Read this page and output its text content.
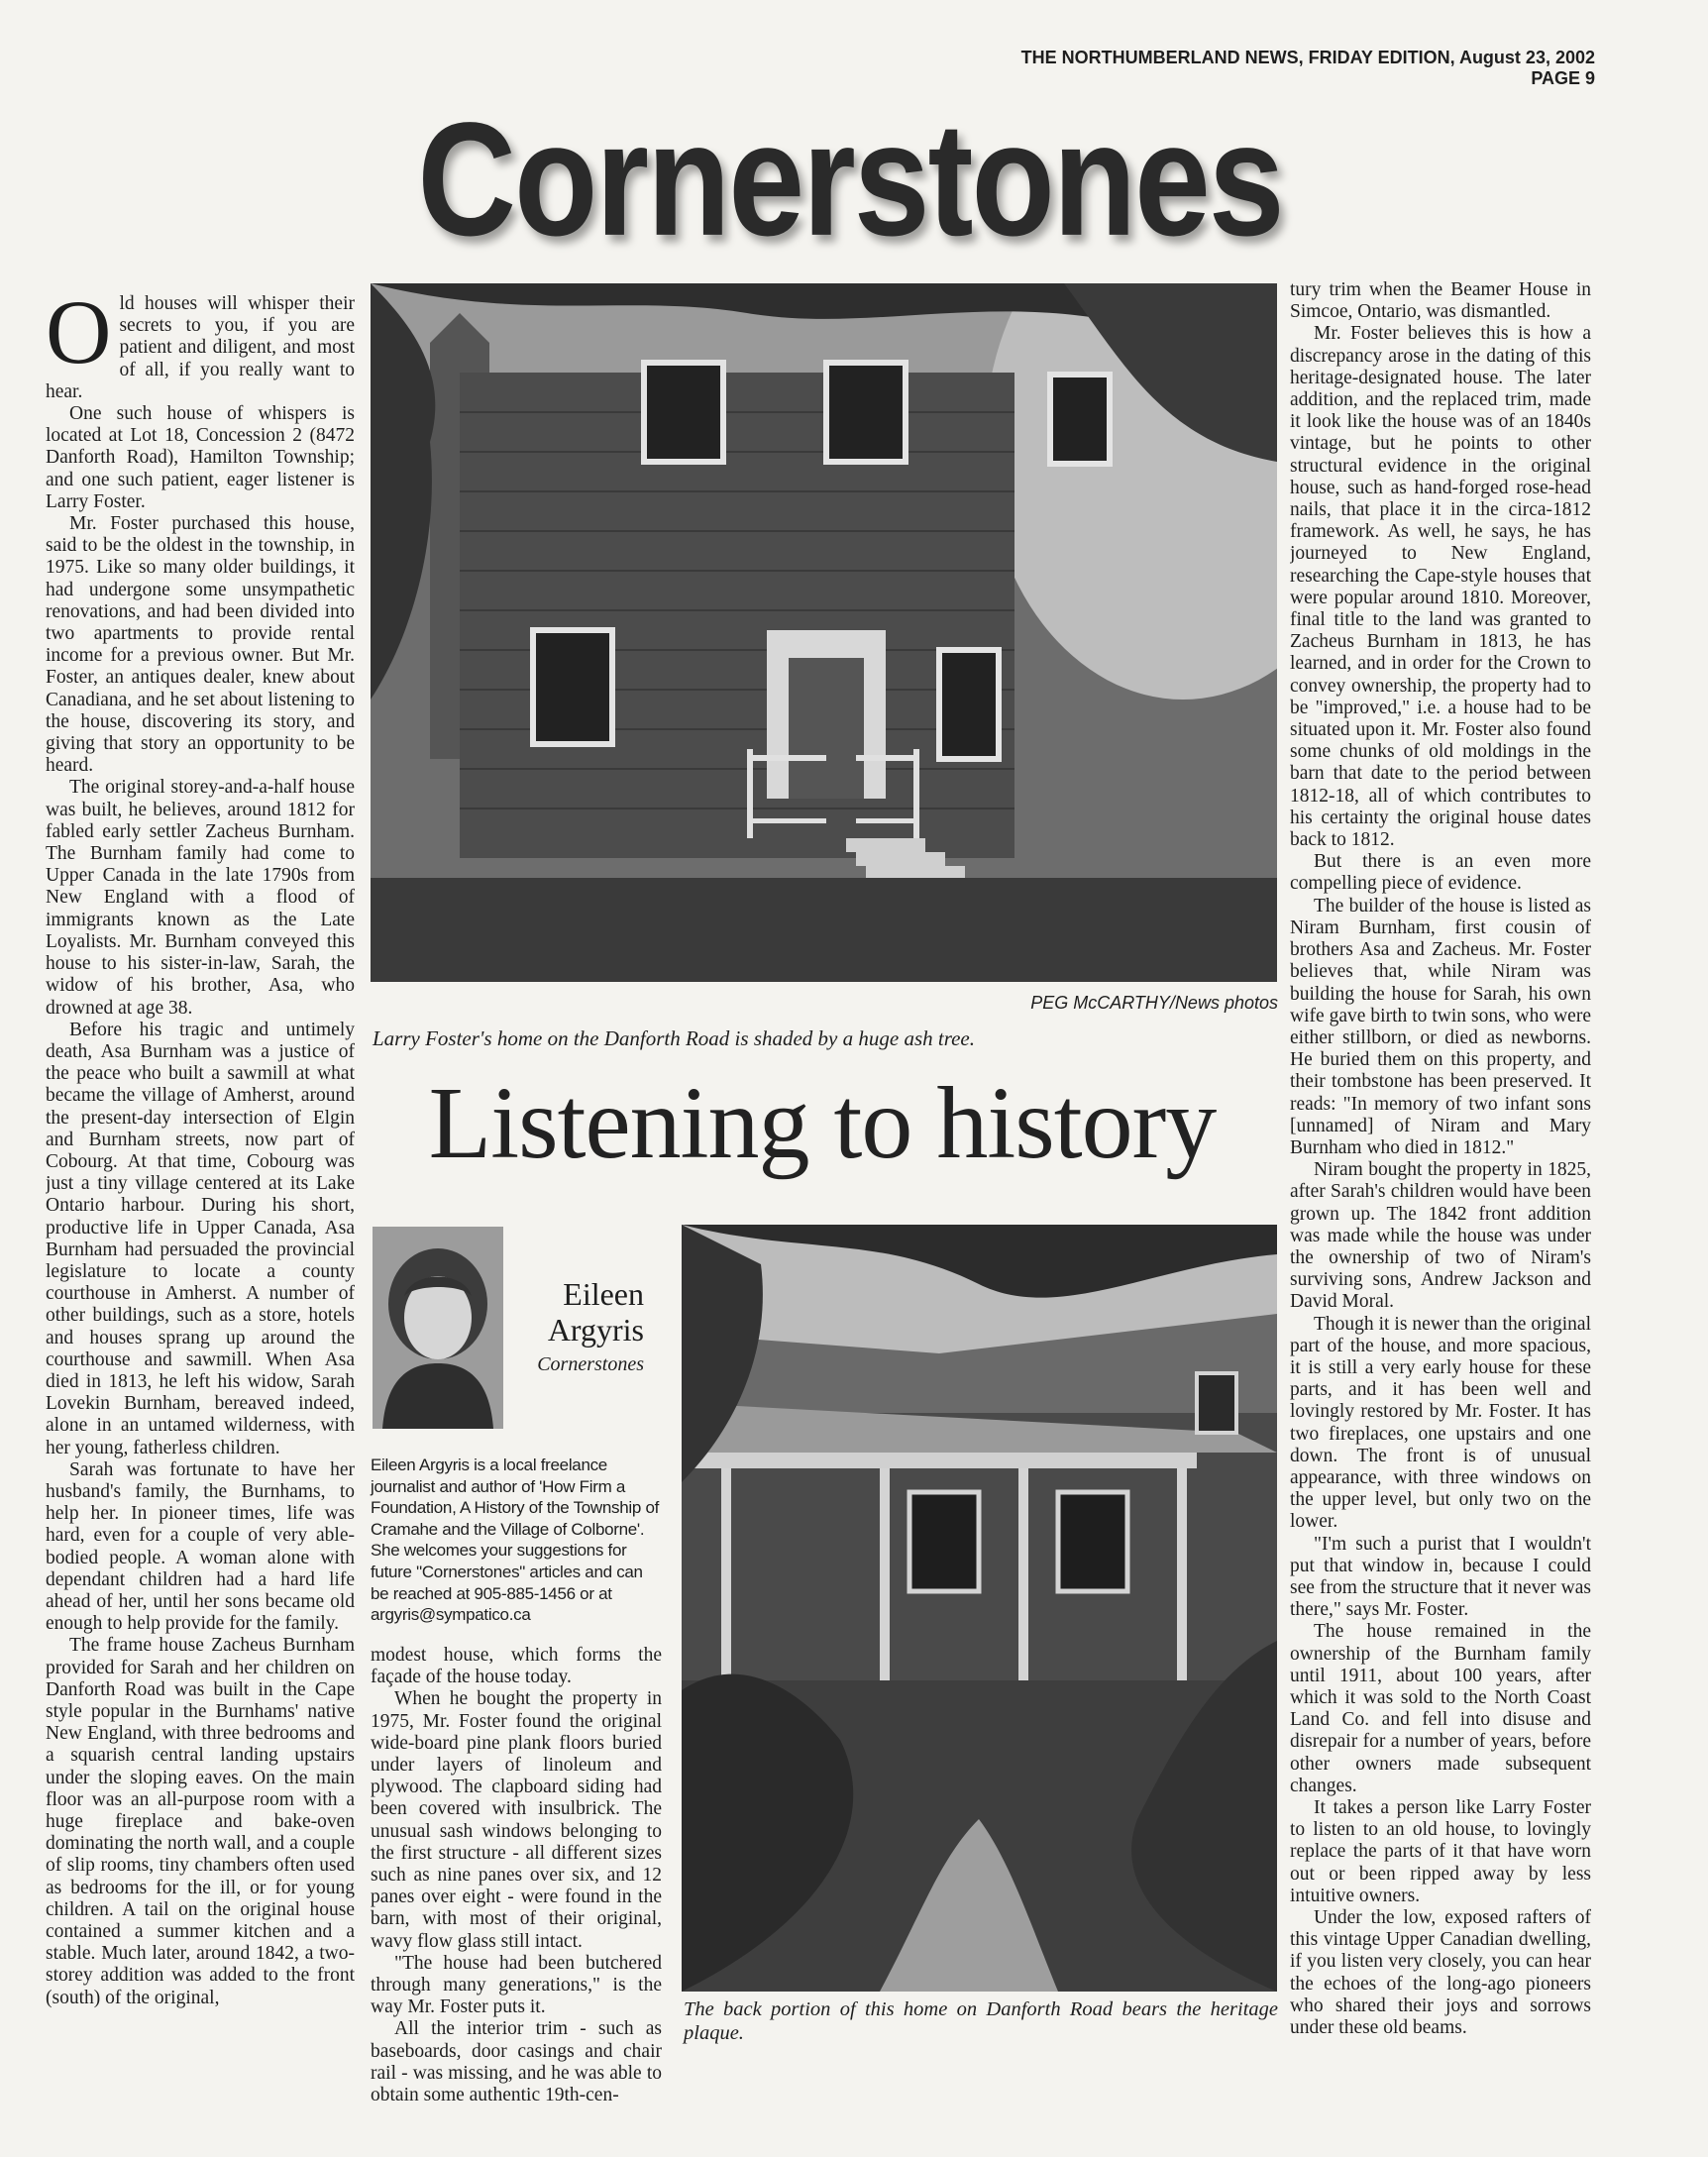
THE NORTHUMBERLAND NEWS, FRIDAY EDITION, August 23, 2002 PAGE 9
Cornerstones

Old houses will whisper their secrets to you, if you are patient and diligent, and most of all, if you really want to hear.

One such house of whispers is located at Lot 18, Concession 2 (8472 Danforth Road), Hamilton Township; and one such patient, eager listener is Larry Foster.

Mr. Foster purchased this house, said to be the oldest in the township, in 1975. Like so many older buildings, it had undergone some unsympathetic renovations, and had been divided into two apartments to provide rental income for a previous owner. But Mr. Foster, an antiques dealer, knew about Canadiana, and he set about listening to the house, discovering its story, and giving that story an opportunity to be heard.

The original storey-and-a-half house was built, he believes, around 1812 for fabled early settler Zacheus Burnham. The Burnham family had come to Upper Canada in the late 1790s from New England with a flood of immigrants known as the Late Loyalists. Mr. Burnham conveyed this house to his sister-in-law, Sarah, the widow of his brother, Asa, who drowned at age 38.

Before his tragic and untimely death, Asa Burnham was a justice of the peace who built a sawmill at what became the village of Amherst, around the present-day intersection of Elgin and Burnham streets, now part of Cobourg. At that time, Cobourg was just a tiny village centered at its Lake Ontario harbour. During his short, productive life in Upper Canada, Asa Burnham had persuaded the provincial legislature to locate a county courthouse in Amherst. A number of other buildings, such as a store, hotels and houses sprang up around the courthouse and sawmill. When Asa died in 1813, he left his widow, Sarah Lovekin Burnham, bereaved indeed, alone in an untamed wilderness, with her young, fatherless children.

Sarah was fortunate to have her husband's family, the Burnhams, to help her. In pioneer times, life was hard, even for a couple of very able-bodied people. A woman alone with dependant children had a hard life ahead of her, until her sons became old enough to help provide for the family.

The frame house Zacheus Burnham provided for Sarah and her children on Danforth Road was built in the Cape style popular in the Burnhams' native New England, with three bedrooms and a squarish central landing upstairs under the sloping eaves. On the main floor was an all-purpose room with a huge fireplace and bake-oven dominating the north wall, and a couple of slip rooms, tiny chambers often used as bedrooms for the ill, or for young children. A tail on the original house contained a summer kitchen and a stable. Much later, around 1842, a two-storey addition was added to the front (south) of the original,

PEG McCARTHY/News photos
Larry Foster's home on the Danforth Road is shaded by a huge ash tree.
Listening to history
Eileen
Argyris
Cornerstones
Eileen Argyris is a local freelance journalist and author of 'How Firm a Foundation, A History of the Township of Cramahe and the Village of Colborne'. She welcomes your suggestions for future "Cornerstones" articles and can be reached at 905-885-1456 or at argyris@sympatico.ca

modest house, which forms the façade of the house today.

When he bought the property in 1975, Mr. Foster found the original wide-board pine plank floors buried under layers of linoleum and plywood. The clapboard siding had been covered with insulbrick. The unusual sash windows belonging to the first structure - all different sizes such as nine panes over six, and 12 panes over eight - were found in the barn, with most of their original, wavy flow glass still intact.

"The house had been butchered through many generations," is the way Mr. Foster puts it.

All the interior trim - such as baseboards, door casings and chair rail - was missing, and he was able to obtain some authentic 19th-cen-

The back portion of this home on Danforth Road bears the heritage plaque.

tury trim when the Beamer House in Simcoe, Ontario, was dismantled.

Mr. Foster believes this is how a discrepancy arose in the dating of this heritage-designated house. The later addition, and the replaced trim, made it look like the house was of an 1840s vintage, but he points to other structural evidence in the original house, such as hand-forged rose-head nails, that place it in the circa-1812 framework. As well, he says, he has journeyed to New England, researching the Cape-style houses that were popular around 1810. Moreover, final title to the land was granted to Zacheus Burnham in 1813, he has learned, and in order for the Crown to convey ownership, the property had to be "improved," i.e. a house had to be situated upon it. Mr. Foster also found some chunks of old moldings in the barn that date to the period between 1812-18, all of which contributes to his certainty the original house dates back to 1812.

But there is an even more compelling piece of evidence.

The builder of the house is listed as Niram Burnham, first cousin of brothers Asa and Zacheus. Mr. Foster believes that, while Niram was building the house for Sarah, his own wife gave birth to twin sons, who were either stillborn, or died as newborns. He buried them on this property, and their tombstone has been preserved. It reads: "In memory of two infant sons [unnamed] of Niram and Mary Burnham who died in 1812."

Niram bought the property in 1825, after Sarah's children would have been grown up. The 1842 front addition was made while the house was under the ownership of two of Niram's surviving sons, Andrew Jackson and David Moral.

Though it is newer than the original part of the house, and more spacious, it is still a very early house for these parts, and it has been well and lovingly restored by Mr. Foster. It has two fireplaces, one upstairs and one down. The front is of unusual appearance, with three windows on the upper level, but only two on the lower.

"I'm such a purist that I wouldn't put that window in, because I could see from the structure that it never was there," says Mr. Foster.

The house remained in the ownership of the Burnham family until 1911, about 100 years, after which it was sold to the North Coast Land Co. and fell into disuse and disrepair for a number of years, before other owners made subsequent changes.

It takes a person like Larry Foster to listen to an old house, to lovingly replace the parts of it that have worn out or been ripped away by less intuitive owners.

Under the low, exposed rafters of this vintage Upper Canadian dwelling, if you listen very closely, you can hear the echoes of the long-ago pioneers who shared their joys and sorrows under these old beams.
